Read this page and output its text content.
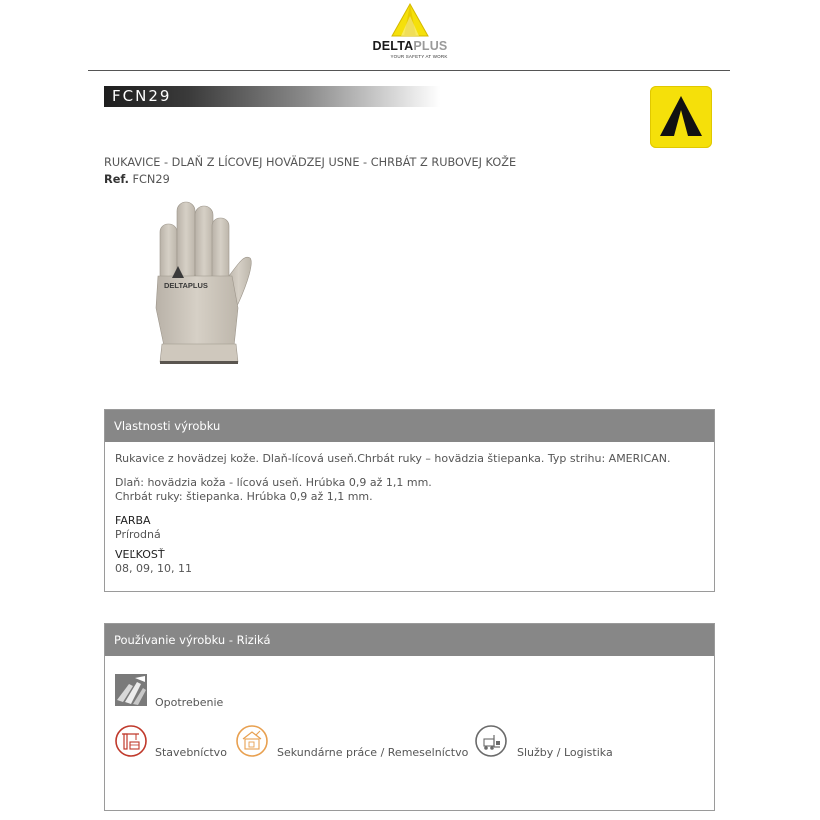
DELTAPLUS
YOUR SAFETY AT WORK
FCN29
RUKAVICE - DLAŇ Z LÍCOVEJ HOVÄDZEJ USNE - CHRBÁT Z RUBOVEJ KOŽE
Ref. FCN29
DELTAPLUS
Vlastnosti výrobku
Rukavice z hovädzej kože. Dlaň-lícová useň.Chrbát ruky – hovädzia štiepanka. Typ strihu: AMERICAN.
Dlaň: hovädzia koža - lícová useň. Hrúbka 0,9 až 1,1 mm.
Chrbát ruky: štiepanka. Hrúbka 0,9 až 1,1 mm.
FARBA
Prírodná
VEĽKOSŤ
08, 09, 10, 11
Používanie výrobku - Riziká
Opotrebenie
Stavebníctvo	Sekundárne práce / Remeselníctvo	Služby / Logistika
